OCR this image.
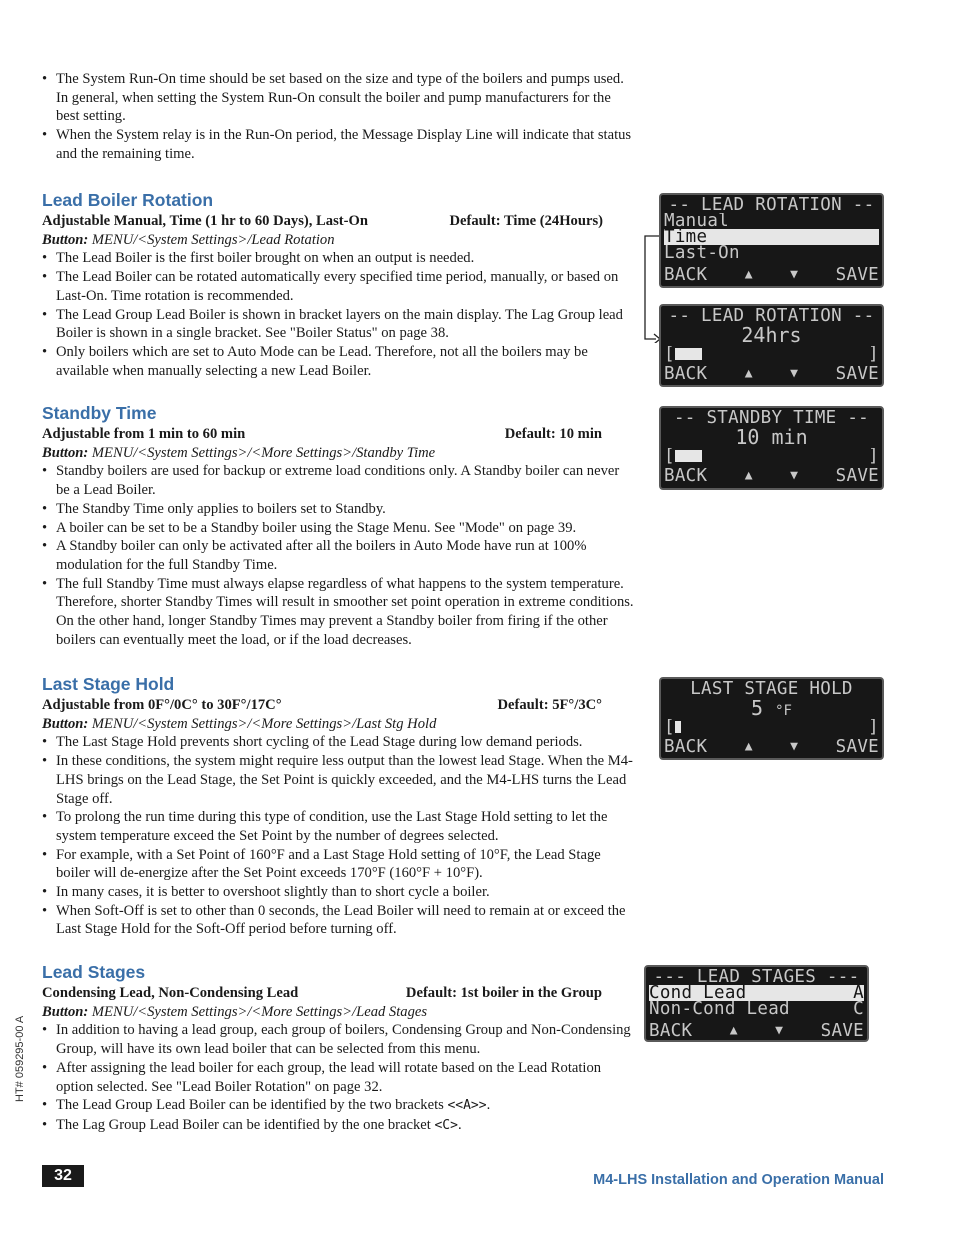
• The System Run-On time should be set based on the size and type of the boilers and pumps used. In general, when setting the System Run-On consult the boiler and pump manufacturers for the best setting.
• When the System relay is in the Run-On period, the Message Display Line will indicate that status and the remaining time.
Lead Boiler Rotation
Adjustable Manual, Time (1 hr to 60 Days), Last-On	Default: Time (24Hours)
Button: MENU/<System Settings>/Lead Rotation
• The Lead Boiler is the first boiler brought on when an output is needed.
• The Lead Boiler can be rotated automatically every specified time period, manually, or based on Last-On. Time rotation is recommended.
• The Lead Group Lead Boiler is shown in bracket layers on the main display. The Lag Group lead Boiler is shown in a single bracket. See "Boiler Status" on page 38.
• Only boilers which are set to Auto Mode can be Lead. Therefore, not all the boilers may be available when manually selecting a new Lead Boiler.
Standby Time
Adjustable from 1 min to 60 min	Default: 10 min
Button: MENU/<System Settings>/<More Settings>/Standby Time
• Standby boilers are used for backup or extreme load conditions only. A Standby boiler can never be a Lead Boiler.
• The Standby Time only applies to boilers set to Standby.
• A boiler can be set to be a Standby boiler using the Stage Menu. See "Mode" on page 39.
• A Standby boiler can only be activated after all the boilers in Auto Mode have run at 100% modulation for the full Standby Time.
• The full Standby Time must always elapse regardless of what happens to the system temperature. Therefore, shorter Standby Times will result in smoother set point operation in extreme conditions. On the other hand, longer Standby Times may prevent a Standby boiler from firing if the other boilers can eventually meet the load, or if the load decreases.
Last Stage Hold
Adjustable from 0F°/0C° to 30F°/17C°	Default: 5F°/3C°
Button: MENU/<System Settings>/<More Settings>/Last Stg Hold
• The Last Stage Hold prevents short cycling of the Lead Stage during low demand periods.
• In these conditions, the system might require less output than the lowest lead Stage. When the M4-LHS brings on the Lead Stage, the Set Point is quickly exceeded, and the M4-LHS turns the Lead Stage off.
• To prolong the run time during this type of condition, use the Last Stage Hold setting to let the system temperature exceed the Set Point by the number of degrees selected.
• For example, with a Set Point of 160°F and a Last Stage Hold setting of 10°F, the Lead Stage boiler will de-energize after the Set Point exceeds 170°F (160°F + 10°F).
• In many cases, it is better to overshoot slightly than to short cycle a boiler.
• When Soft-Off is set to other than 0 seconds, the Lead Boiler will need to remain at or exceed the Last Stage Hold for the Soft-Off period before turning off.
Lead Stages
Condensing Lead, Non-Condensing Lead	Default: 1st boiler in the Group
Button: MENU/<System Settings>/<More Settings>/Lead Stages
• In addition to having a lead group, each group of boilers, Condensing Group and Non-Condensing Group, will have its own lead boiler that can be selected from this menu.
• After assigning the lead boiler for each group, the lead will rotate based on the Lead Rotation option selected. See "Lead Boiler Rotation" on page 32.
• The Lead Group Lead Boiler can be identified by the two brackets <<A>>.
• The Lag Group Lead Boiler can be identified by the one bracket <C>.
-- LEAD ROTATION --
Manual
Time
Last-On
BACK	▲	▼ SAVE
-- LEAD ROTATION --
24hrs
[	]
BACK	▲	▼ SAVE
-- STANDBY TIME --
10 min
[	]
BACK	▲	▼ SAVE
LAST STAGE HOLD
5 °F
[	]
BACK	▲	▼ SAVE
--- LEAD STAGES ---
Cond Lead	A
Non-Cond Lead	C
BACK	▲	▼ SAVE
HT# 059295-00 A
32	M4-LHS Installation and Operation Manual
